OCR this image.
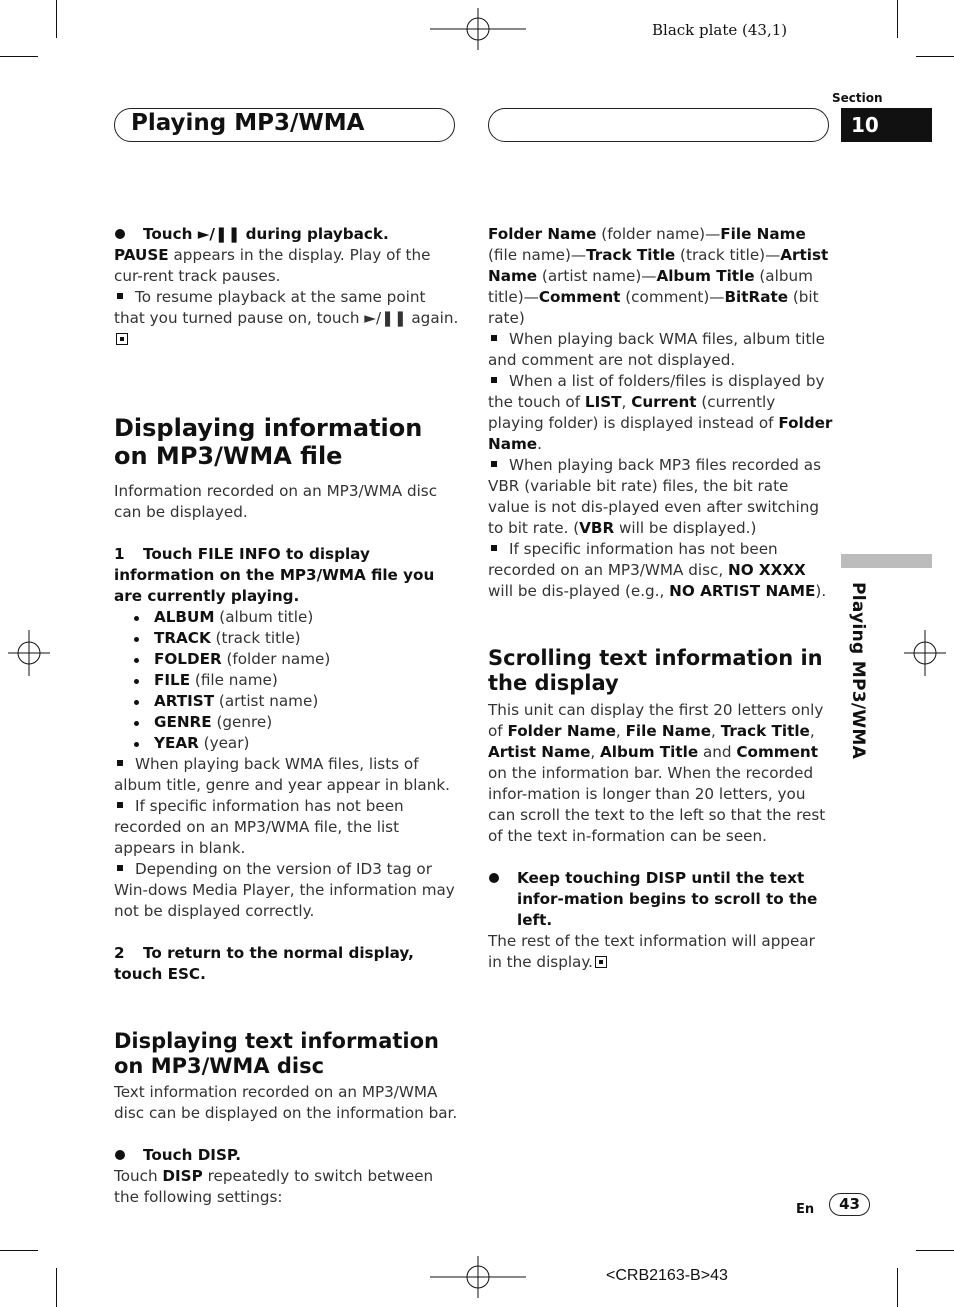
Black plate (43,1)
Playing MP3/WMA
Section
10
Playing MP3/WMA

Touch ►/❚❚ during playback.

PAUSE appears in the display. Play of the cur-rent track pauses.

To resume playback at the same point that you turned pause on, touch ►/❚❚ again.

Displaying information on MP3/WMA file

Information recorded on an MP3/WMA disc can be displayed.

1 Touch FILE INFO to display information on the MP3/WMA file you are currently playing.

ALBUM (album title)
TRACK (track title)
FOLDER (folder name)
FILE (file name)
ARTIST (artist name)
GENRE (genre)
YEAR (year)

When playing back WMA files, lists of album title, genre and year appear in blank.

If specific information has not been recorded on an MP3/WMA file, the list appears in blank.

Depending on the version of ID3 tag or Win-dows Media Player, the information may not be displayed correctly.

2 To return to the normal display, touch ESC.

Displaying text information on MP3/WMA disc

Text information recorded on an MP3/WMA disc can be displayed on the information bar.

Touch DISP.

Touch DISP repeatedly to switch between the following settings:

Folder Name (folder name)—File Name (file name)—Track Title (track title)—Artist Name (artist name)—Album Title (album title)—Comment (comment)—BitRate (bit rate)

When playing back WMA files, album title and comment are not displayed.

When a list of folders/files is displayed by the touch of LIST, Current (currently playing folder) is displayed instead of Folder Name.

When playing back MP3 files recorded as VBR (variable bit rate) files, the bit rate value is not dis-played even after switching to bit rate. (VBR will be displayed.)

If specific information has not been recorded on an MP3/WMA disc, NO XXXX will be dis-played (e.g., NO ARTIST NAME).

Scrolling text information in the display

This unit can display the first 20 letters only of Folder Name, File Name, Track Title, Artist Name, Album Title and Comment on the information bar. When the recorded infor-mation is longer than 20 letters, you can scroll the text to the left so that the rest of the text in-formation can be seen.

Keep touching DISP until the text infor-mation begins to scroll to the left.

The rest of the text information will appear in the display.

En	43
<CRB2163-B>43
